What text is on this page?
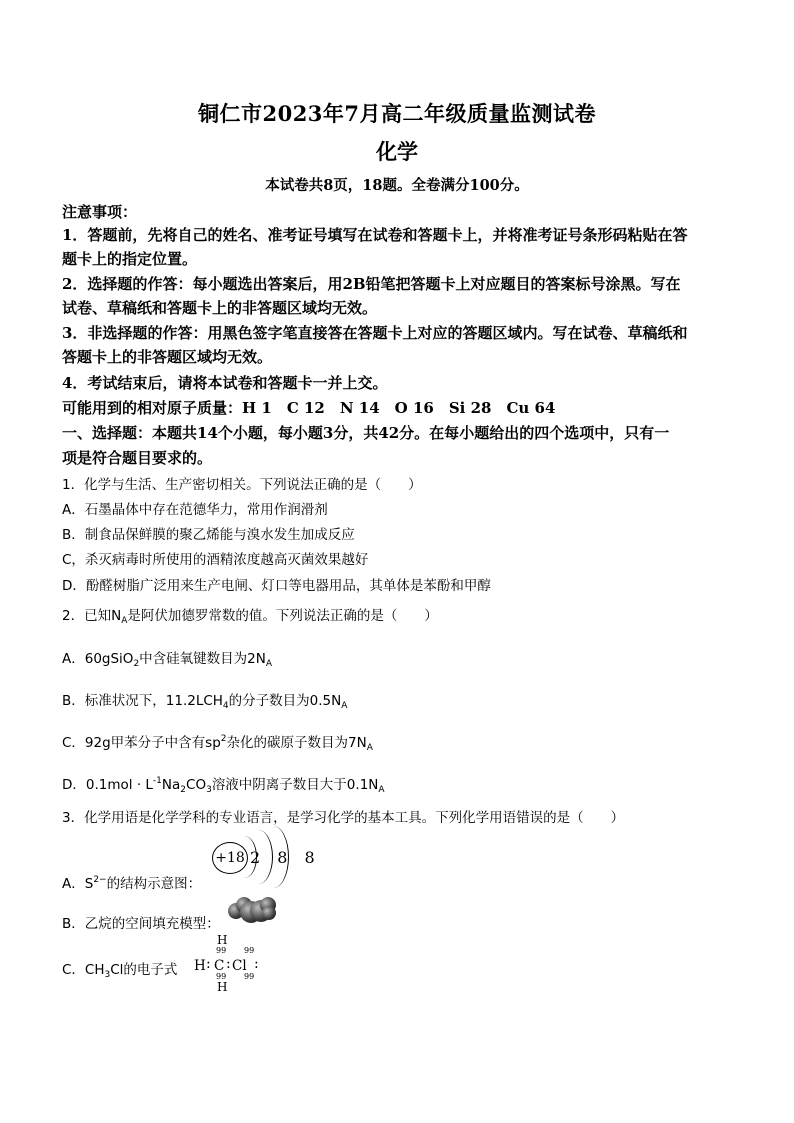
铜仁市2023年7月高二年级质量监测试卷
化学
本试卷共8页，18题。全卷满分100分。
注意事项：
1．答题前，先将自己的姓名、准考证号填写在试卷和答题卡上，并将准考证号条形码粘贴在答
题卡上的指定位置。
2．选择题的作答：每小题选出答案后，用2B铅笔把答题卡上对应题目的答案标号涂黑。写在
试卷、草稿纸和答题卡上的非答题区域均无效。
3．非选择题的作答：用黑色签字笔直接答在答题卡上对应的答题区域内。写在试卷、草稿纸和
答题卡上的非答题区域均无效。
4．考试结束后，请将本试卷和答题卡一并上交。
可能用到的相对原子质量：H 1　C 12　N 14　O 16　Si 28　Cu 64
一、选择题：本题共14个小题，每小题3分，共42分。在每小题给出的四个选项中，只有一
项是符合题目要求的。
1．化学与生活、生产密切相关。下列说法正确的是（　　）
A．石墨晶体中存在范德华力，常用作润滑剂
B．制食品保鲜膜的聚乙烯能与溴水发生加成反应
C，杀灭病毒时所使用的酒精浓度越高灭菌效果越好
D．酚醛树脂广泛用来生产电闸、灯口等电器用品，其单体是苯酚和甲醇
2．已知$N_A$是阿伏加德罗常数的值。下列说法正确的是（　　）
A．60gSiO$_2$中含硅氧键数目为$2N_A$
B．标准状况下，$11.2LCH_4$的分子数目为$0.5N_A$
C．92g甲苯分子中含有$sp^2$杂化的碳原子数目为$7N_A$
D．$0.1mol \cdot L^{-1}Na_2CO_3$溶液中阴离子数目大于$0.1N_A$
3．化学用语是化学学科的专业语言，是学习化学的基本工具。下列化学用语错误的是（　　）
A．$S^{2-}$的结构示意图：
+18 2 8 8
B．乙烷的空间填充模型：
C．$CH_3Cl$的电子式	H : C : Cl :
H
99 99
99 99
H
